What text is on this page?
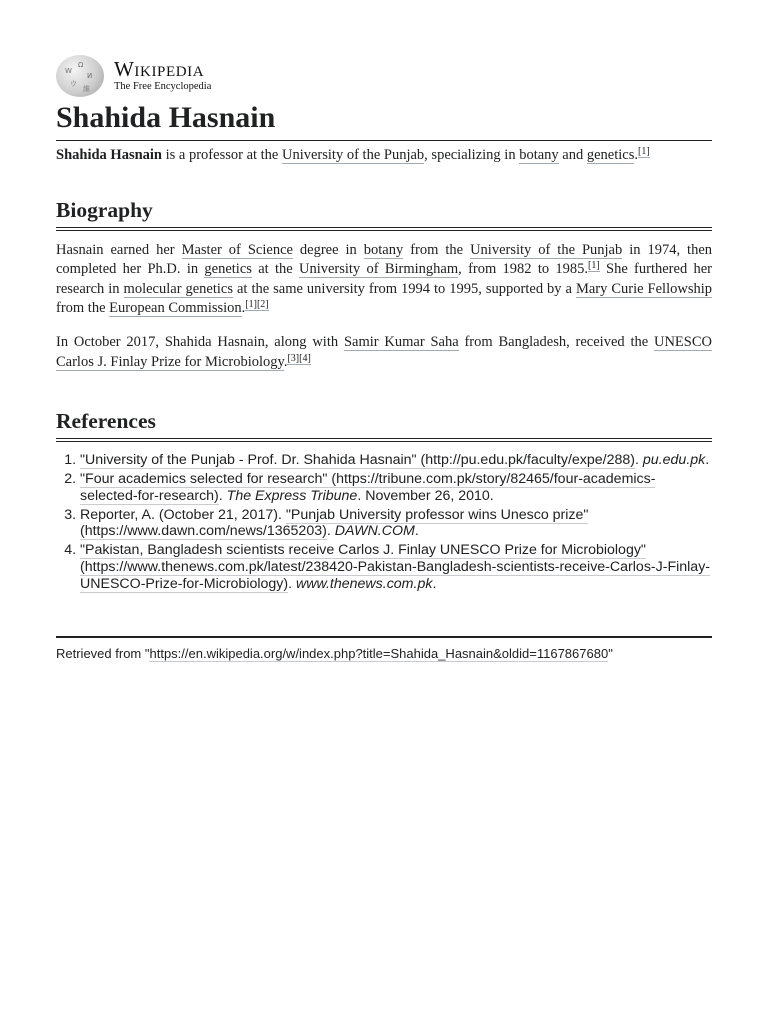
W
Ω
И
ウ
維
Wikipedia
The Free Encyclopedia
Shahida Hasnain

Shahida Hasnain is a professor at the University of the Punjab, specializing in botany and genetics.[1]

Biography

Hasnain earned her Master of Science degree in botany from the University of the Punjab in 1974, then completed her Ph.D. in genetics at the University of Birmingham, from 1982 to 1985.[1] She furthered her research in molecular genetics at the same university from 1994 to 1995, supported by a Mary Curie Fellowship from the European Commission.[1][2]

In October 2017, Shahida Hasnain, along with Samir Kumar Saha from Bangladesh, received the UNESCO Carlos J. Finlay Prize for Microbiology.[3][4]

References
1. "University of the Punjab - Prof. Dr. Shahida Hasnain" (http://pu.edu.pk/faculty/expe/288). pu.edu.pk.
2. "Four academics selected for research" (https://tribune.com.pk/story/82465/four-academics-selected-for-research). The Express Tribune. November 26, 2010.
3. Reporter, A. (October 21, 2017). "Punjab University professor wins Unesco prize" (https://www.dawn.com/news/1365203). DAWN.COM.
4. "Pakistan, Bangladesh scientists receive Carlos J. Finlay UNESCO Prize for Microbiology" (https://www.thenews.com.pk/latest/238420-Pakistan-Bangladesh-scientists-receive-Carlos-J-Finlay-UNESCO-Prize-for-Microbiology). www.thenews.com.pk.
Retrieved from "https://en.wikipedia.org/w/index.php?title=Shahida_Hasnain&oldid=1167867680"
